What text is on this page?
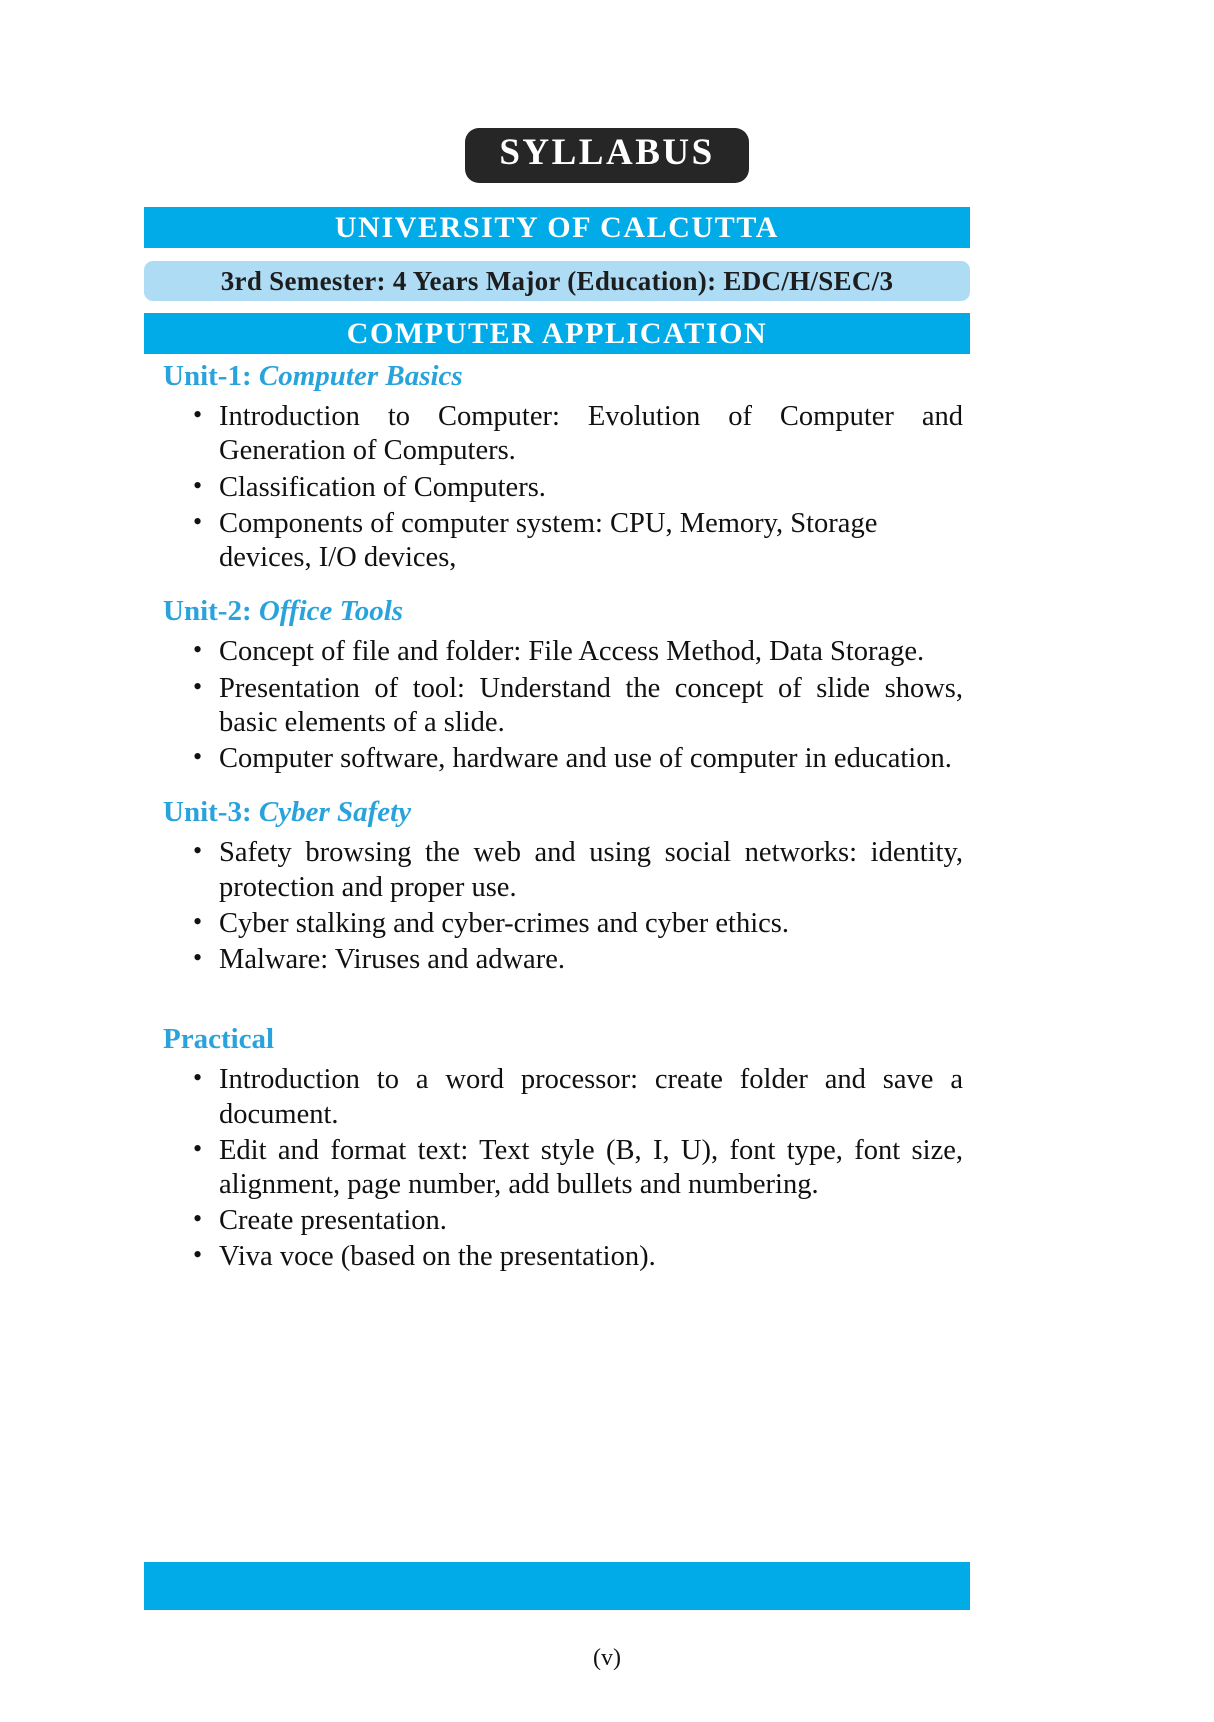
SYLLABUS
UNIVERSITY OF CALCUTTA
3rd Semester: 4 Years Major (Education): EDC/H/SEC/3
COMPUTER APPLICATION
Unit-1: Computer Basics
• Introduction to Computer: Evolution of Computer and Generation of Computers.
• Classification of Computers.
• Components of computer system: CPU, Memory, Storage devices, I/O devices,
Unit-2: Office Tools
• Concept of file and folder: File Access Method, Data Storage.
• Presentation of tool: Understand the concept of slide shows, basic elements of a slide.
• Computer software, hardware and use of computer in education.
Unit-3: Cyber Safety
• Safety browsing the web and using social networks: identity, protection and proper use.
• Cyber stalking and cyber-crimes and cyber ethics.
• Malware: Viruses and adware.
Practical
• Introduction to a word processor: create folder and save a document.
• Edit and format text: Text style (B, I, U), font type, font size, alignment, page number, add bullets and numbering.
• Create presentation.
• Viva voce (based on the presentation).
(v)
